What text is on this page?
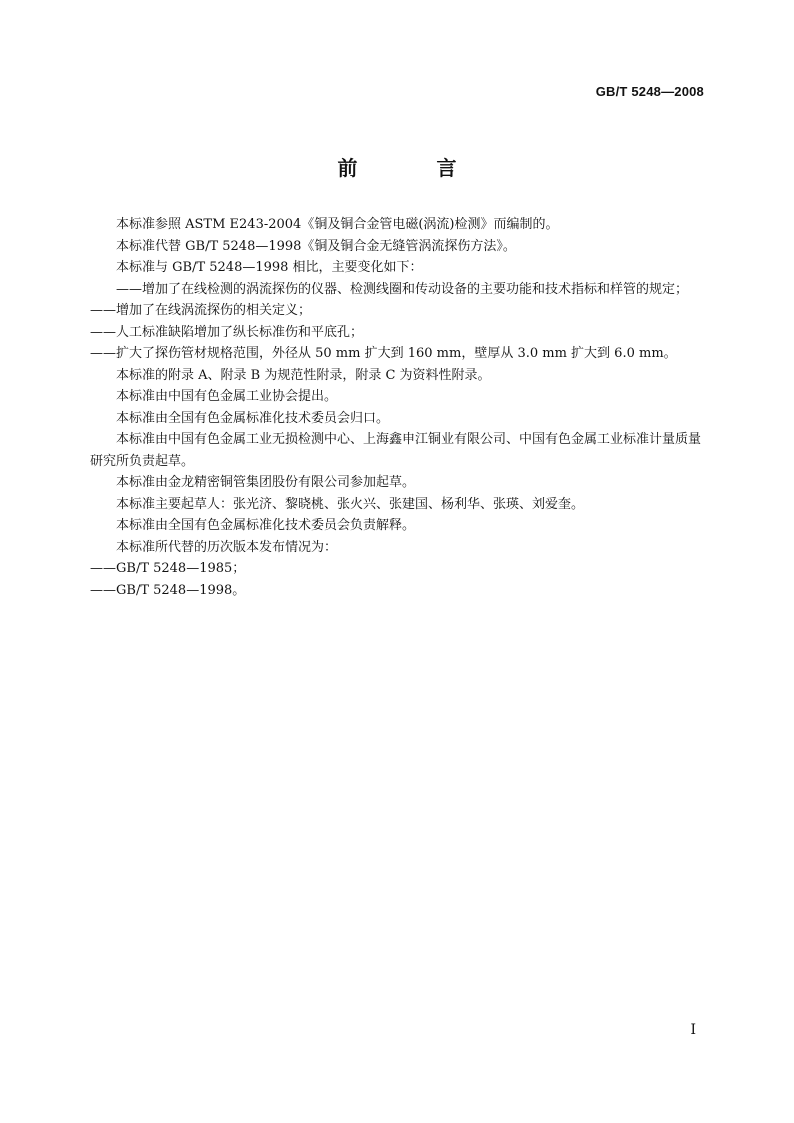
GB/T 5248—2008
前 言

本标准参照 ASTM E243-2004《铜及铜合金管电磁(涡流)检测》而编制的。

本标准代替 GB/T 5248—1998《铜及铜合金无缝管涡流探伤方法》。

本标准与 GB/T 5248—1998 相比，主要变化如下：

——增加了在线检测的涡流探伤的仪器、检测线圈和传动设备的主要功能和技术指标和样管的规定；

——增加了在线涡流探伤的相关定义；

——人工标准缺陷增加了纵长标准伤和平底孔；

——扩大了探伤管材规格范围，外径从 50 mm 扩大到 160 mm，壁厚从 3.0 mm 扩大到 6.0 mm。

本标准的附录 A、附录 B 为规范性附录，附录 C 为资料性附录。

本标准由中国有色金属工业协会提出。

本标准由全国有色金属标准化技术委员会归口。

本标准由中国有色金属工业无损检测中心、上海鑫申江铜业有限公司、中国有色金属工业标准计量质量研究所负责起草。

本标准由金龙精密铜管集团股份有限公司参加起草。

本标准主要起草人：张光济、黎晓桃、张火兴、张建国、杨利华、张瑛、刘爱奎。

本标准由全国有色金属标准化技术委员会负责解释。

本标准所代替的历次版本发布情况为：

——GB/T 5248—1985；

——GB/T 5248—1998。

I
